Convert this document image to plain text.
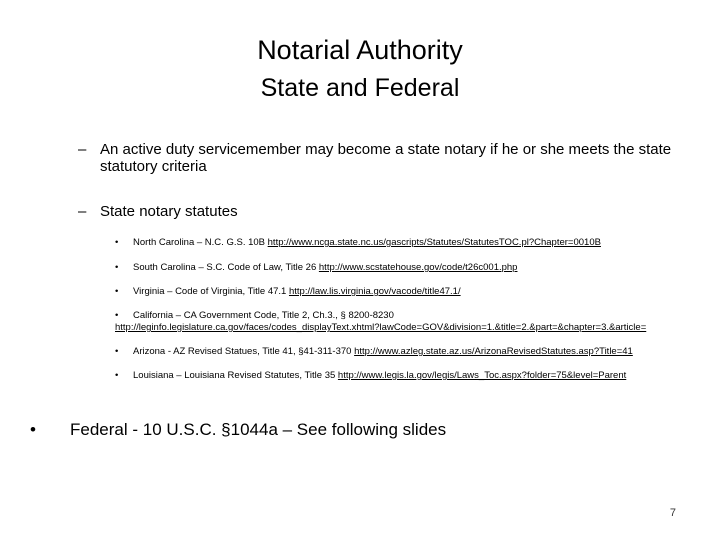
Notarial Authority
State and Federal
– An active duty servicemember may become a state notary if he or she meets the state statutory criteria
– State notary statutes
• North Carolina – N.C. G.S. 10B http://www.ncga.state.nc.us/gascripts/Statutes/StatutesTOC.pl?Chapter=0010B
• South Carolina – S.C. Code of Law, Title 26 http://www.scstatehouse.gov/code/t26c001.php
• Virginia – Code of Virginia, Title 47.1 http://law.lis.virginia.gov/vacode/title47.1/
• California – CA Government Code, Title 2, Ch.3., § 8200-8230
http://leginfo.legislature.ca.gov/faces/codes_displayText.xhtml?lawCode=GOV&division=1.&title=2.&part=&chapter=3.&article=
• Arizona - AZ Revised Statues, Title 41, §41-311-370 http://www.azleg.state.az.us/ArizonaRevisedStatutes.asp?Title=41
• Louisiana – Louisiana Revised Statutes, Title 35 http://www.legis.la.gov/legis/Laws_Toc.aspx?folder=75&level=Parent
• Federal - 10 U.S.C. §1044a – See following slides
7
